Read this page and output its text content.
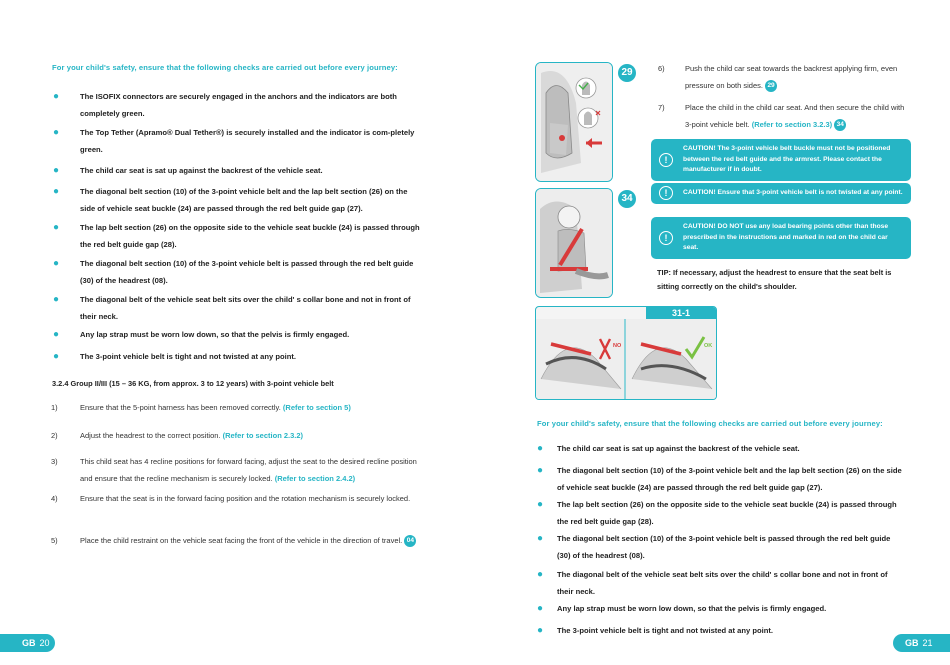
For your child's safety, ensure that the following checks are carried out before every journey:
●	The ISOFIX connectors are securely engaged in the anchors and the indicators are both completely green.
●	The Top Tether (Apramo® Dual Tether®) is securely installed and the indicator is com-pletely green.
●	The child car seat is sat up against the backrest of the vehicle seat.
●	The diagonal belt section (10) of the 3-point vehicle belt and the lap belt section (26) on the side of vehicle seat buckle (24) are passed through the red belt guide gap (27).
●	The lap belt section (26) on the opposite side to the vehicle seat buckle (24) is passed through the red belt guide gap (28).
●	The diagonal belt section (10) of the 3-point vehicle belt is passed through the red belt guide (30) of the headrest (08).
●	The diagonal belt of the vehicle seat belt sits over the child' s collar bone and not in front of their neck.
●	Any lap strap must be worn low down, so that the pelvis is firmly engaged.
●	The 3-point vehicle belt is tight and not twisted at any point.
3.2.4 Group II/III (15 – 36 KG, from approx. 3 to 12 years) with 3-point vehicle belt
1)	Ensure that the 5-point harness has been removed correctly. (Refer to section 5)
2)	Adjust the headrest to the correct position. (Refer to section 2.3.2)
3)	This child seat has 4 recline positions for forward facing, adjust the seat to the desired recline position and ensure that the recline mechanism is securely locked. (Refer to section 2.4.2)
4)	Ensure that the seat is in the forward facing position and the rotation mechanism is securely locked.
5)	Place the child restraint on the vehicle seat facing the front of the vehicle in the direction of travel. 04
GB 20
29
34
31-1
NO	OK
6)	Push the child car seat towards the backrest applying firm, even pressure on both sides. 29
7)	Place the child in the child car seat. And then secure the child with 3-point vehicle belt. (Refer to section 3.2.3) 34
!
CAUTION! The 3-point vehicle belt buckle must not be positioned between the red belt guide and the armrest. Please contact the manufacturer if in doubt.
!	CAUTION! Ensure that 3-point vehicle belt is not twisted at any point.
!
CAUTION! DO NOT use any load bearing points other than those prescribed in the instructions and marked in red on the child car seat.
TIP: If necessary, adjust the headrest to ensure that the seat belt is sitting correctly on the child's shoulder.
For your child's safety, ensure that the following checks are carried out before every journey:
● The child car seat is sat up against the backrest of the vehicle seat.
● The diagonal belt section (10) of the 3-point vehicle belt and the lap belt section (26) on the side of vehicle seat buckle (24) are passed through the red belt guide gap (27).
● The lap belt section (26) on the opposite side to the vehicle seat buckle (24) is passed through the red belt guide gap (28).
● The diagonal belt section (10) of the 3-point vehicle belt is passed through the red belt guide (30) of the headrest (08).
● The diagonal belt of the vehicle seat belt sits over the child' s collar bone and not in front of their neck.
● Any lap strap must be worn low down, so that the pelvis is firmly engaged.
● The 3-point vehicle belt is tight and not twisted at any point.
GB 21
